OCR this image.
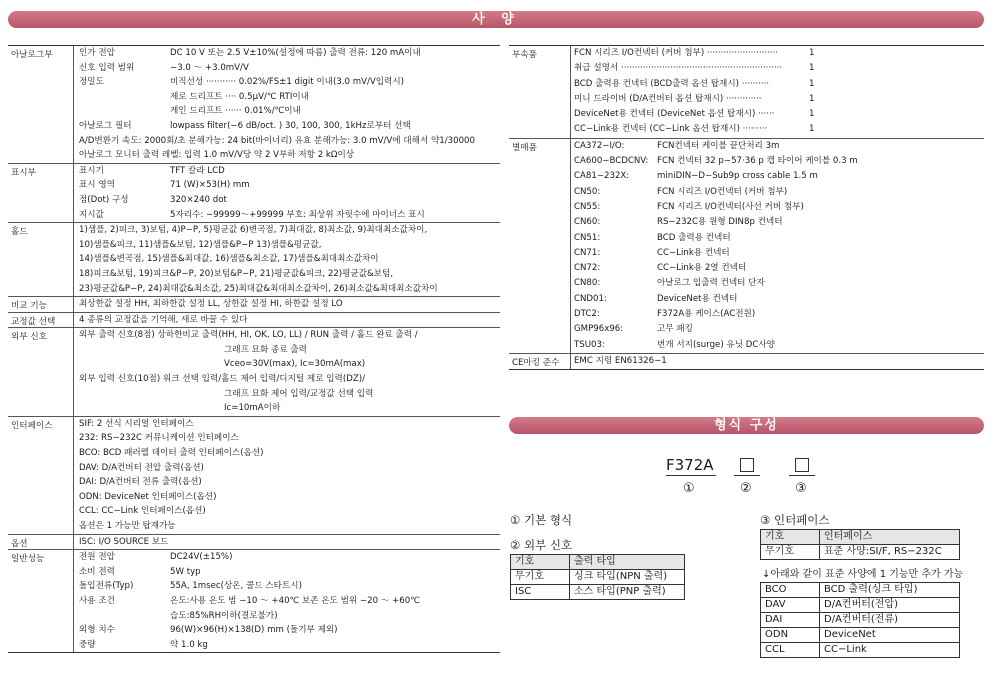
사 양
아날로그부	인가 전압	DC 10 V 또는 2.5 V±10%(설정에 따름) 출력 전류: 120 mA이내
신호 입력 범위	−3.0 ～ +3.0mV/V
정밀도	비직선성 ··········· 0.02%/FS±1 digit 이내(3.0 mV/V입력시)
제로 드리프트 ···· 0.5μV/℃ RTI이내
게인 드리프트 ······ 0.01%/℃이내
아날로그 필터	lowpass filter(−6 dB/oct. ) 30, 100, 300, 1kHz로부터 선택
A/D변환기 속도: 2000회/초 분해가능: 24 bit(바이너리) 유효 분해가능: 3.0 mV/V에 대해서 약1/30000
아날로그 모니터 출력 레벨: 입력 1.0 mV/V당 약 2 V부하 저항 2 kΩ이상
표시부	표시기	TFT 칼라 LCD
표시 영역	71 (W)×53(H) mm
점(Dot) 구성	320×240 dot
지시값	5자리수: −99999～+99999 부호: 최상위 자릿수에 마이너스 표시
홀드	1)샘플, 2)피크, 3)보텀, 4)P−P, 5)평균값 6)변곡점, 7)최대값, 8)최소값, 9)최대최소값차이,
10)샘플&피크, 11)샘플&보텀, 12)샘플&P−P 13)샘플&평균값,
14)샘플&변곡점, 15)샘플&최대값, 16)샘플&최소값, 17)샘플&최대최소값차이
18)피크&보텀, 19)피크&P−P, 20)보텀&P−P, 21)평균값&피크, 22)평균값&보텀,
23)평균값&P−P, 24)최대값&최소값, 25)최대값&최대최소값차이, 26)최소값&최대최소값차이
비교 기능	최상한값 설정 HH, 최하한값 설정 LL, 상한값 설정 HI, 하한값 설정 LO
교정값 선택	4 종류의 교정값을 기억해, 새로 바꿀 수 있다
외부 신호	외부 출력 신호(8점) 상하한비교 출력(HH, HI, OK, LO, LL) / RUN 출력 / 홀드 완료 출력 /
그래프 묘화 종료 출력
Vceo=30V(max), Ic=30mA(max)
외부 입력 신호(10점) 워크 선택 입력/홀드 제어 입력/디지털 제로 입력(DZ)/
그래프 묘화 제어 입력/교정값 선택 입력
Ic=10mA이하
인터페이스	SIF: 2 선식 시리얼 인터페이스
232: RS−232C 커뮤니케이션 인터페이스
BCO: BCD 패러렐 데이터 출력 인터페이스(옵션)
DAV: D/A컨버터 전압 출력(옵션)
DAI: D/A컨버터 전류 출력(옵션)
ODN: DeviceNet 인터페이스(옵션)
CCL: CC−Link 인터페이스(옵션)
옵션은 1 가능만 탑재가능
옵션	ISC: I/O SOURCE 보드
일반성능	전원 전압	DC24V(±15%)
소비 전력	5W typ
돌입전류(Typ)	55A, 1msec(상온, 콜드 스타트시)
사용 조건	온도:사용 온도 범 −10 ～ +40℃ 보존 온도 범위 −20 ～ +60℃
습도:85%RH이하(결로불가)
외형 치수	96(W)×96(H)×138(D) mm (돌기부 제외)
중량	약 1.0 kg
부속품	FCN 시리즈 I/O컨넥터 (커버 첨부) ··························	1
취급 설명서 ···························································	1
BCD 출력용 컨넥터 (BCD출력 옵션 탑재시) ··········	1
미니 드라이버 (D/A컨버터 옵션 탑재시) ·············	1
DeviceNet용 컨넥터 (DeviceNet 옵션 탑재시) ······	1
CC−Link용 컨넥터 (CC−Link 옵션 탑재시) ·········	1
별매품	CA372−I/O:	FCN컨넥터 케이블 끝단처리 3m
CA600−BCDCNV: FCN 컨넥터 32 p−57·36 p 캡 타이어 케이블 0.3 m
CA81−232X:	miniDIN−D−Sub9p cross cable 1.5 m
CN50:	FCN 시리즈 I/O컨넥터 (커버 첨부)
CN55:	FCN 시리즈 I/O컨넥터(사선 커버 첨부)
CN60:	RS−232C용 원형 DIN8p 컨넥터
CN51:	BCD 출력용 컨넥터
CN71:	CC−Link용 컨넥터
CN72:	CC−Link용 2열 컨넥터
CN80:	아날로그 입출력 컨넥터 단자
CND01:	DeviceNet용 컨넥터
DTC2:	F372A용 케이스(AC전원)
GMP96x96:	고무 패킹
TSU03:	번개 서지(surge) 유닛 DC사양
CE마킹 준수	EMC 지령 EN61326−1
형식 구성
F372A
①	②	③
① 기본 형식
② 외부 신호
기호	출력 타입
무기호	싱크 타입(NPN 출력)
ISC	소스 타입(PNP 출력)
③ 인터페이스
기호	인터페이스
무기호	표준 사양:SI/F, RS−232C
↓아래와 같이 표준 사양에 1 기능만 추가 가능
BCO	BCD 출력(싱크 타입)
DAV	D/A컨버터(전압)
DAI	D/A컨버터(전류)
ODN	DeviceNet
CCL	CC−Link
